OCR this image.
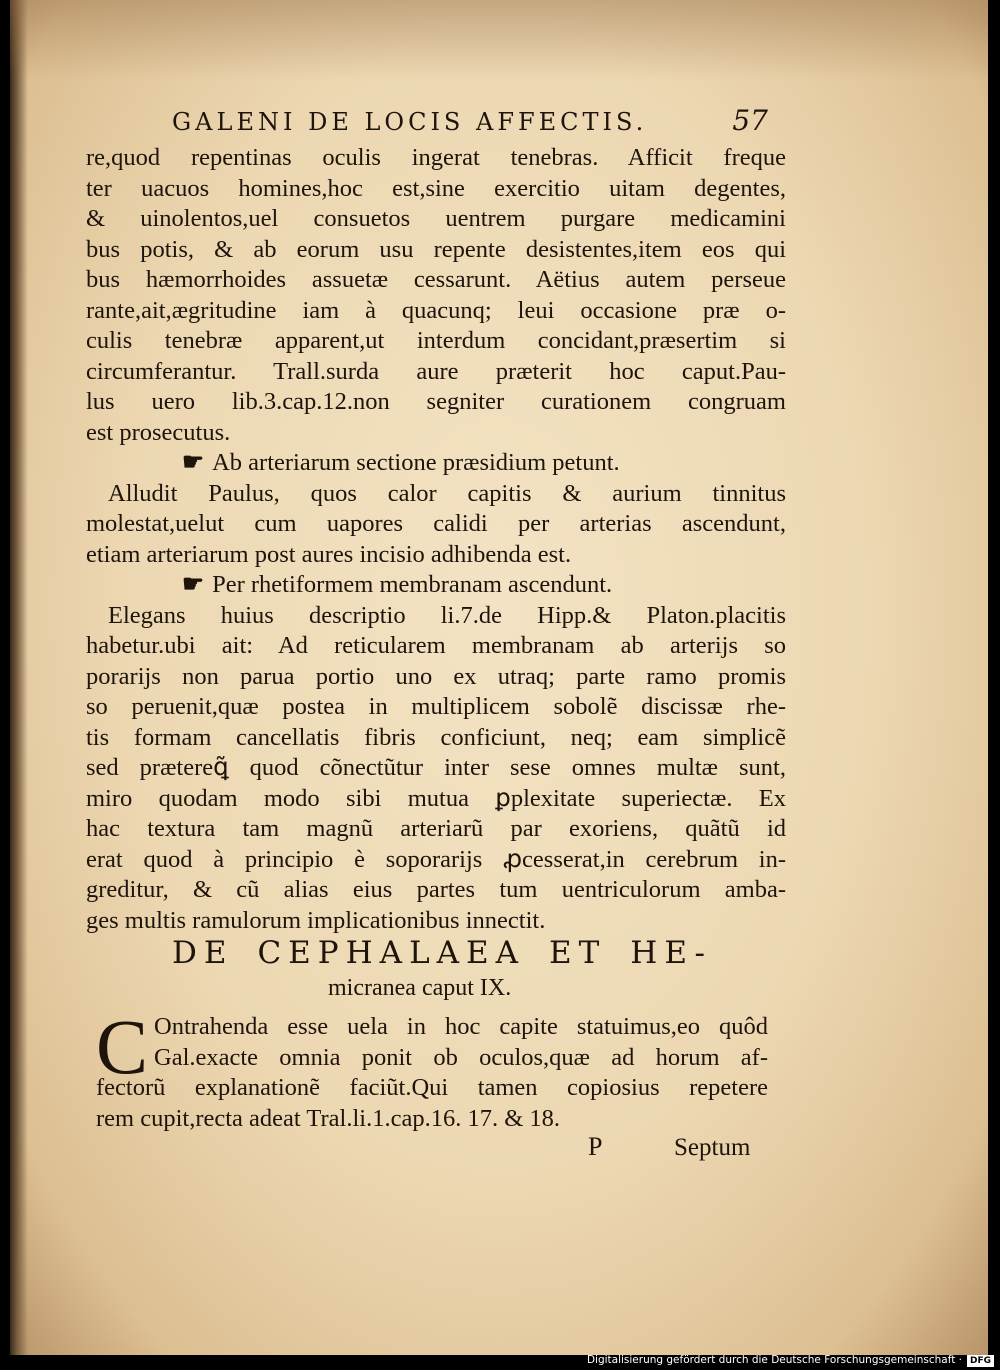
GALENI DE LOCIS AFFECTIS.	57
re,quod repentinas oculis ingerat tenebras. Afficit freque
ter uacuos homines,hoc est,sine exercitio uitam degentes,
& uinolentos,uel consuetos uentrem purgare medicamini
bus potis, & ab eorum usu repente desistentes,item eos qui
bus hæmorrhoides assuetæ cessarunt. Aëtius autem perseue
rante,ait,ægritudine iam à quacunq; leui occasione præ o-
culis tenebræ apparent,ut interdum concidant,præsertim si
circumferantur. Trall.surda aure præterit hoc caput.Pau-
lus uero lib.3.cap.12.non segniter curationem congruam
est prosecutus.
☛ Ab arteriarum sectione præsidium petunt.
Alludit Paulus, quos calor capitis & aurium tinnitus
molestat,uelut cum uapores calidi per arterias ascendunt,
etiam arteriarum post aures incisio adhibenda est.
☛ Per rhetiformem membranam ascendunt.
Elegans huius descriptio li.7.de Hipp.& Platon.placitis
habetur.ubi ait: Ad reticularem membranam ab arterijs so
porarijs non parua portio uno ex utraq; parte ramo promis
so peruenit,quæ postea in multiplicem sobolẽ discissæ rhe-
tis formam cancellatis fibris conficiunt, neq; eam simplicẽ
sed prætereꝗ̃ quod cõnectũtur inter sese omnes multæ sunt,
miro quodam modo sibi mutua ꝑplexitate superiectæ. Ex
hac textura tam magnũ arteriarũ par exoriens, quãtũ id
erat quod à principio è soporarijs ꝓcesserat,in cerebrum in-
greditur, & cũ alias eius partes tum uentriculorum amba-
ges multis ramulorum implicationibus innectit.
DE CEPHALAEA ET HE-
micranea caput IX.
C Ontrahenda esse uela in hoc capite statuimus,eo quôd
Gal.exacte omnia ponit ob oculos,quæ ad horum af-
fectorũ explanationẽ faciũt.Qui tamen copiosius repetere
rem cupit,recta adeat Tral.li.1.cap.16. 17. & 18.
P	Septum
Digitalisierung gefördert durch die Deutsche Forschungsgemeinschaft · DFG
